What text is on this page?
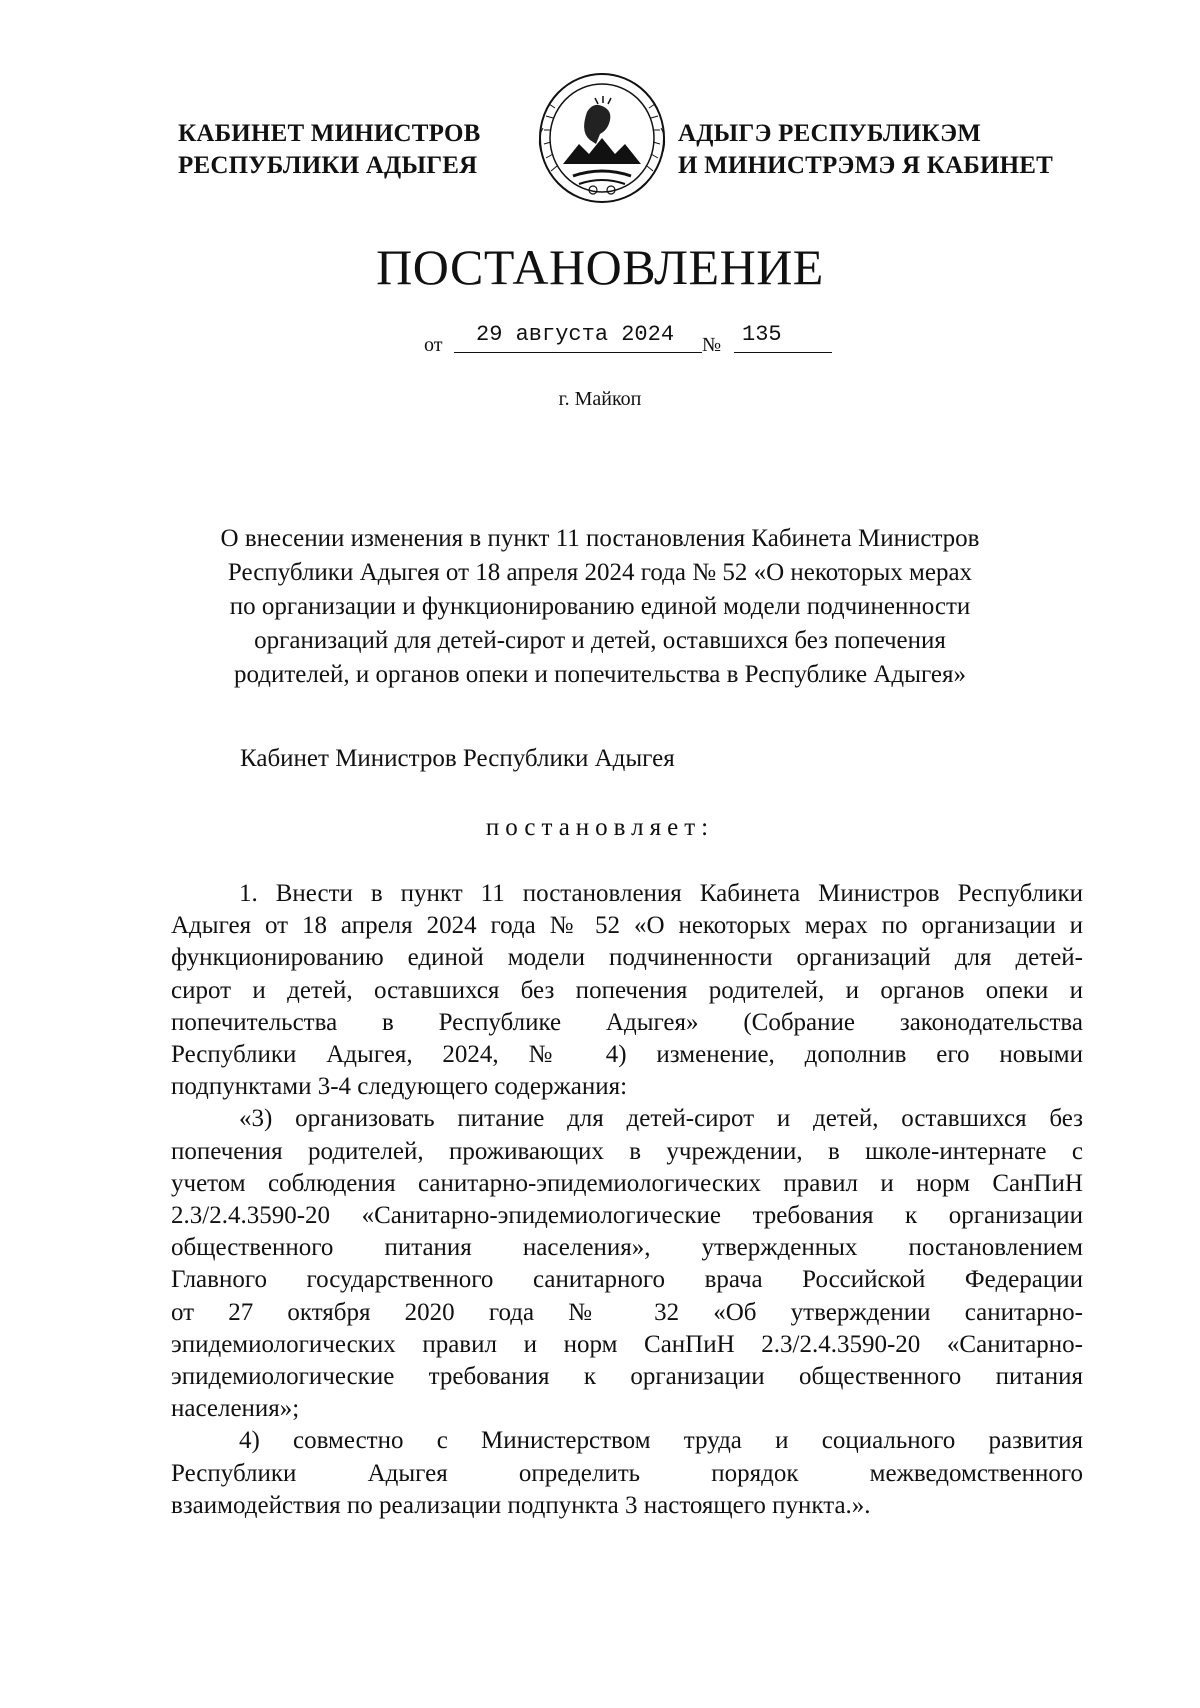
КАБИНЕТ МИНИСТРОВ
РЕСПУБЛИКИ АДЫГЕЯ
АДЫГЭ РЕСПУБЛИКЭМ
И МИНИСТРЭМЭ Я КАБИНЕТ
ПОСТАНОВЛЕНИЕ
от 29 августа 2024 № 135
г. Майкоп
О внесении изменения в пункт 11 постановления Кабинета Министров
Республики Адыгея от 18 апреля 2024 года № 52 «О некоторых мерах
по организации и функционированию единой модели подчиненности
организаций для детей-сирот и детей, оставшихся без попечения
родителей, и органов опеки и попечительства в Республике Адыгея»
Кабинет Министров Республики Адыгея
постановляет:

1. Внести в пункт 11 постановления Кабинета Министров Республики
Адыгея от 18 апреля 2024 года № 52 «О некоторых мерах по организации и
функционированию единой модели подчиненности организаций для детей-
сирот и детей, оставшихся без попечения родителей, и органов опеки и
попечительства в Республике Адыгея» (Собрание законодательства
Республики Адыгея, 2024, № 4) изменение, дополнив его новыми
подпунктами 3-4 следующего содержания:

«3) организовать питание для детей-сирот и детей, оставшихся без
попечения родителей, проживающих в учреждении, в школе-интернате с
учетом соблюдения санитарно-эпидемиологических правил и норм СанПиН
2.3/2.4.3590-20 «Санитарно-эпидемиологические требования к организации
общественного питания населения», утвержденных постановлением
Главного государственного санитарного врача Российской Федерации
от 27 октября 2020 года № 32 «Об утверждении санитарно-
эпидемиологических правил и норм СанПиН 2.3/2.4.3590-20 «Санитарно-
эпидемиологические требования к организации общественного питания
населения»;

4) совместно с Министерством труда и социального развития
Республики Адыгея определить порядок межведомственного
взаимодействия по реализации подпункта 3 настоящего пункта.».
